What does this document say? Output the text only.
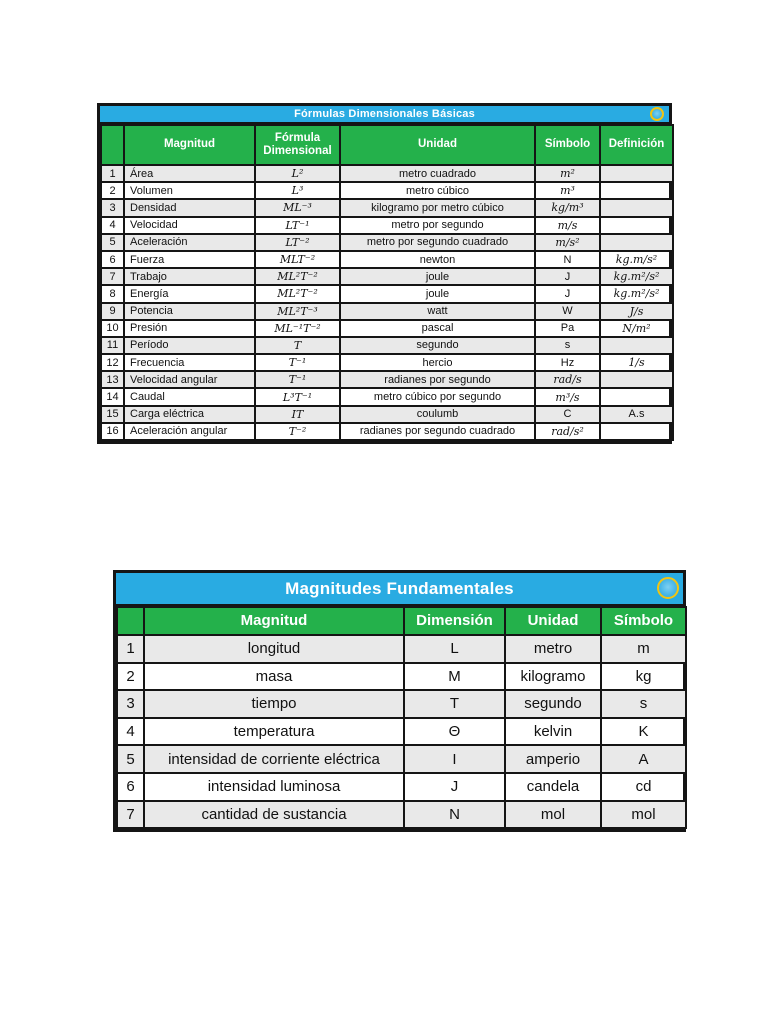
Fórmulas Dimensionales Básicas
	Magnitud	Fórmula Dimensional	Unidad	Símbolo	Definición
1	Área	L²	metro cuadrado	m²	
2	Volumen	L³	metro cúbico	m³	
3	Densidad	ML⁻³	kilogramo por metro cúbico	kg/m³	
4	Velocidad	LT⁻¹	metro por segundo	m/s	
5	Aceleración	LT⁻²	metro por segundo cuadrado	m/s²	
6	Fuerza	MLT⁻²	newton	N	kg.m/s²
7	Trabajo	ML²T⁻²	joule	J	kg.m²/s²
8	Energía	ML²T⁻²	joule	J	kg.m²/s²
9	Potencia	ML²T⁻³	watt	W	J/s
10	Presión	ML⁻¹T⁻²	pascal	Pa	N/m²
11	Período	T	segundo	s	
12	Frecuencia	T⁻¹	hercio	Hz	1/s
13	Velocidad angular	T⁻¹	radianes por segundo	rad/s	
14	Caudal	L³T⁻¹	metro cúbico por segundo	m³/s	
15	Carga eléctrica	IT	coulumb	C	A.s
16	Aceleración angular	T⁻²	radianes por segundo cuadrado	rad/s²	
Magnitudes Fundamentales
	Magnitud	Dimensión	Unidad	Símbolo
1	longitud	L	metro	m
2	masa	M	kilogramo	kg
3	tiempo	T	segundo	s
4	temperatura	Θ	kelvin	K
5	intensidad de corriente eléctrica	I	amperio	A
6	intensidad luminosa	J	candela	cd
7	cantidad de sustancia	N	mol	mol
